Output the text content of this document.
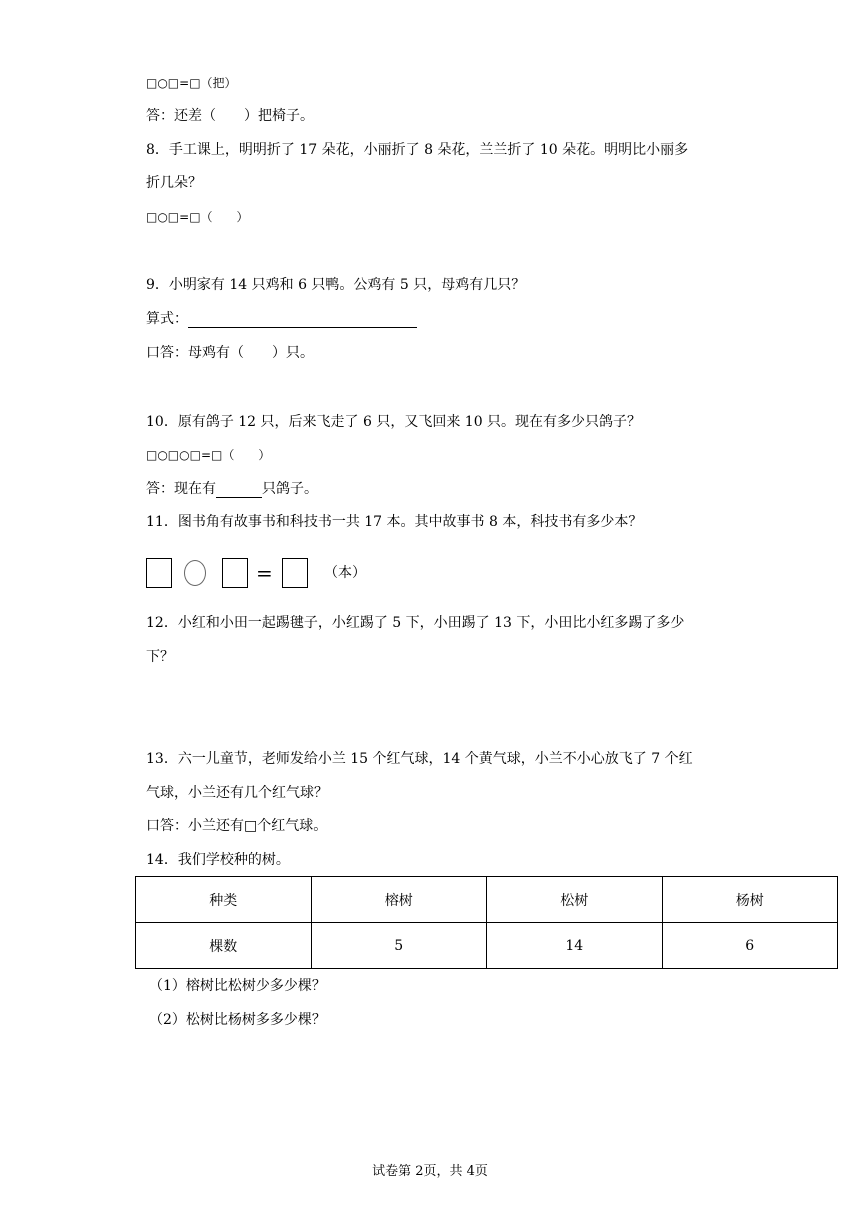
□○□=□（把）
答：还差（　　）把椅子。
8．手工课上，明明折了 17 朵花，小丽折了 8 朵花，兰兰折了 10 朵花。明明比小丽多
折几朵？
□○□=□（　　）
9．小明家有 14 只鸡和 6 只鸭。公鸡有 5 只，母鸡有几只？
算式：
口答：母鸡有（　　）只。
10．原有鸽子 12 只，后来飞走了 6 只，又飞回来 10 只。现在有多少只鸽子？
□○□○□=□（　　）
答：现在有	只鸽子。
11．图书角有故事书和科技书一共 17 本。其中故事书 8 本，科技书有多少本？
=	（本）
12．小红和小田一起踢毽子，小红踢了 5 下，小田踢了 13 下，小田比小红多踢了多少
下？
13．六一儿童节，老师发给小兰 15 个红气球，14 个黄气球，小兰不小心放飞了 7 个红
气球，小兰还有几个红气球？
口答：小兰还有□个红气球。
14．我们学校种的树。
种类	榕树	松树	杨树
棵数	5	14	6
（1）榕树比松树少多少棵？
（2）松树比杨树多多少棵？
试卷第 2页，共 4页
